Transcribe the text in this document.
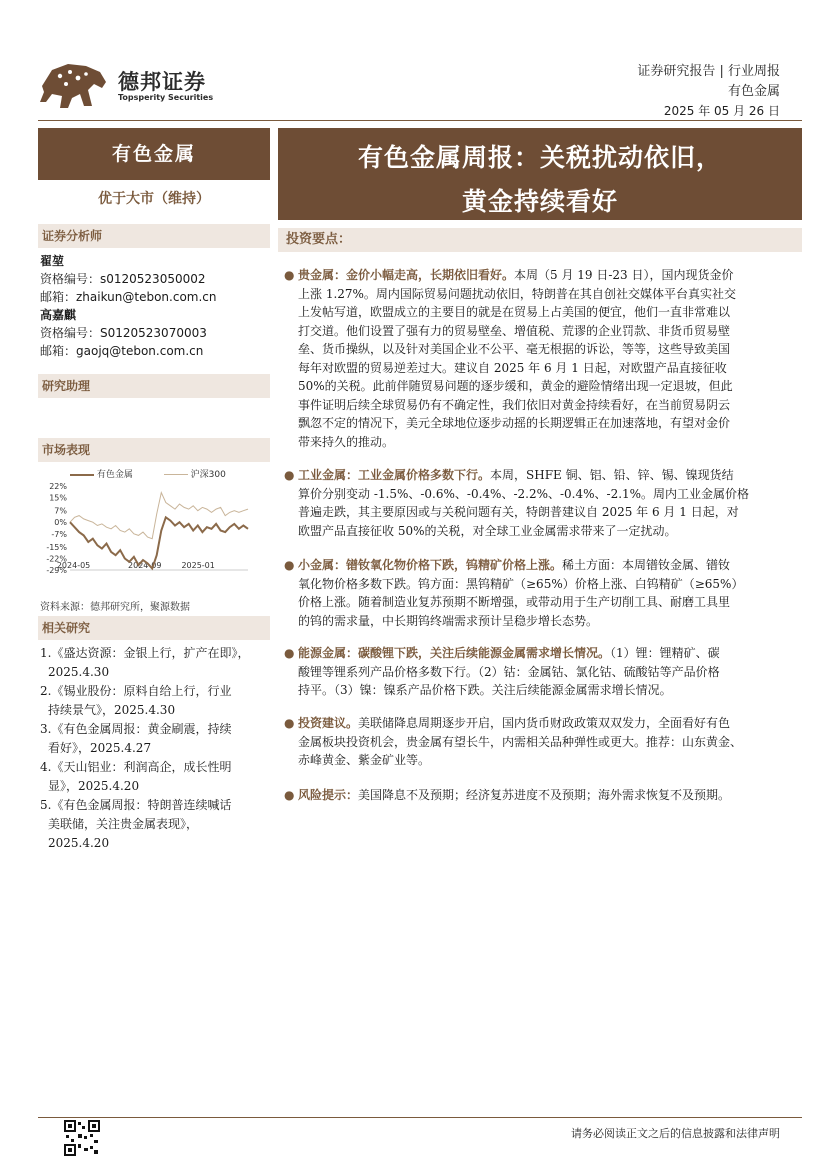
德邦证券
Topsperity Securities
证券研究报告 | 行业周报
有色金属
2025 年 05 月 26 日
有色金属
优于大市（维持）
证券分析师
翟堃
资格编号：s0120523050002
邮箱：zhaikun@tebon.com.cn
高嘉麒
资格编号：S0120523070003
邮箱：gaojq@tebon.com.cn
研究助理
市场表现
有色金属	沪深300
22%
15%
7%
0%
-7%
-15%
-22%
-29%
2024-05	2024-09 2025-01
资料来源：德邦研究所，聚源数据
相关研究
1.《盛达资源：金银上行，扩产在即》，
2025.4.30
2.《锡业股份：原料自给上行，行业
持续景气》，2025.4.30
3.《有色金属周报：黄金刷震，持续
看好》，2025.4.27
4.《天山铝业：利润高企，成长性明
显》，2025.4.20
5.《有色金属周报：特朗普连续喊话
美联储，关注贵金属表现》，
2025.4.20
有色金属周报：关税扰动依旧，
黄金持续看好
投资要点：
● 贵金属：金价小幅走高，长期依旧看好。本周（5 月 19 日-23 日），国内现货金价
上涨 1.27%。周内国际贸易问题扰动依旧，特朗普在其自创社交媒体平台真实社交
上发帖写道，欧盟成立的主要目的就是在贸易上占美国的便宜，他们一直非常难以
打交道。他们设置了强有力的贸易壁垒、增值税、荒谬的企业罚款、非货币贸易壁
垒、货币操纵，以及针对美国企业不公平、毫无根据的诉讼，等等，这些导致美国
每年对欧盟的贸易逆差过大。建议自 2025 年 6 月 1 日起，对欧盟产品直接征收
50%的关税。此前伴随贸易问题的逐步缓和，黄金的避险情绪出现一定退坡，但此
事件证明后续全球贸易仍有不确定性，我们依旧对黄金持续看好，在当前贸易阴云
飘忽不定的情况下，美元全球地位逐步动摇的长期逻辑正在加速落地，有望对金价
带来持久的推动。
● 工业金属：工业金属价格多数下行。本周，SHFE 铜、铝、铅、锌、锡、镍现货结
算价分别变动 -1.5%、-0.6%、-0.4%、-2.2%、-0.4%、-2.1%。周内工业金属价格
普遍走跌，其主要原因或与关税问题有关，特朗普建议自 2025 年 6 月 1 日起，对
欧盟产品直接征收 50%的关税，对全球工业金属需求带来了一定扰动。
● 小金属：镨钕氧化物价格下跌，钨精矿价格上涨。稀土方面：本周镨钕金属、镨钕
氧化物价格多数下跌。钨方面：黑钨精矿（≥65%）价格上涨、白钨精矿（≥65%）
价格上涨。随着制造业复苏预期不断增强，或带动用于生产切削工具、耐磨工具里
的钨的需求量，中长期钨终端需求预计呈稳步增长态势。
● 能源金属：碳酸锂下跌，关注后续能源金属需求增长情况。（1）锂：锂精矿、碳
酸锂等锂系列产品价格多数下行。（2）钴：金属钴、氯化钴、硫酸钴等产品价格
持平。（3）镍：镍系产品价格下跌。关注后续能源金属需求增长情况。
● 投资建议。美联储降息周期逐步开启，国内货币财政政策双双发力，全面看好有色
金属板块投资机会，贵金属有望长牛，内需相关品种弹性或更大。推荐：山东黄金、
赤峰黄金、紫金矿业等。
● 风险提示：美国降息不及预期；经济复苏进度不及预期；海外需求恢复不及预期。
请务必阅读正文之后的信息披露和法律声明
